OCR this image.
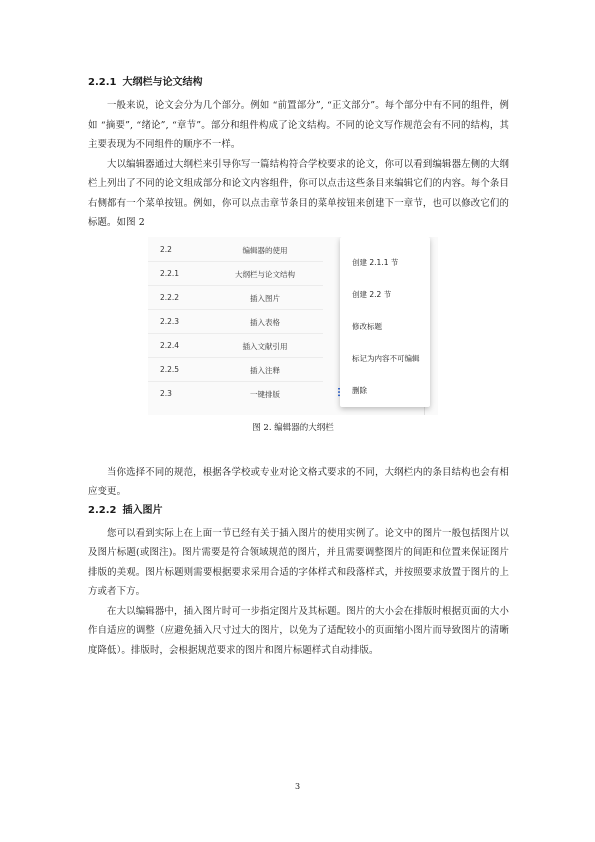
2.2.1 大纲栏与论文结构

一般来说，论文会分为几个部分。例如 “前置部分”, “正文部分”。每个部分中有不同的组件，例如 “摘要”, “绪论”, “章节”。部分和组件构成了论文结构。不同的论文写作规范会有不同的结构，其主要表现为不同组件的顺序不一样。

大以编辑器通过大纲栏来引导你写一篇结构符合学校要求的论文，你可以看到编辑器左侧的大纲栏上列出了不同的论文组成部分和论文内容组件，你可以点击这些条目来编辑它们的内容。每个条目右侧都有一个菜单按钮。例如，你可以点击章节条目的菜单按钮来创建下一章节，也可以修改它们的标题。如图 2

2.2	编辑器的使用
2.2.1	大纲栏与论文结构
2.2.2	插入图片
2.2.3	插入表格
2.2.4	插入文献引用
2.2.5	插入注释
2.3	一键排版
创建 2.1.1 节
创建 2.2 节
修改标题
标记为内容不可编辑
删除
图 2. 编辑器的大纲栏

当你选择不同的规范，根据各学校或专业对论文格式要求的不同，大纲栏内的条目结构也会有相应变更。

2.2.2 插入图片

您可以看到实际上在上面一节已经有关于插入图片的使用实例了。论文中的图片一般包括图片以及图片标题(或图注)。图片需要是符合领域规范的图片，并且需要调整图片的间距和位置来保证图片排版的美观。图片标题则需要根据要求采用合适的字体样式和段落样式，并按照要求放置于图片的上方或者下方。

在大以编辑器中，插入图片时可一步指定图片及其标题。图片的大小会在排版时根据页面的大小作自适应的调整（应避免插入尺寸过大的图片，以免为了适配较小的页面缩小图片而导致图片的清晰度降低）。排版时，会根据规范要求的图片和图片标题样式自动排版。

3
